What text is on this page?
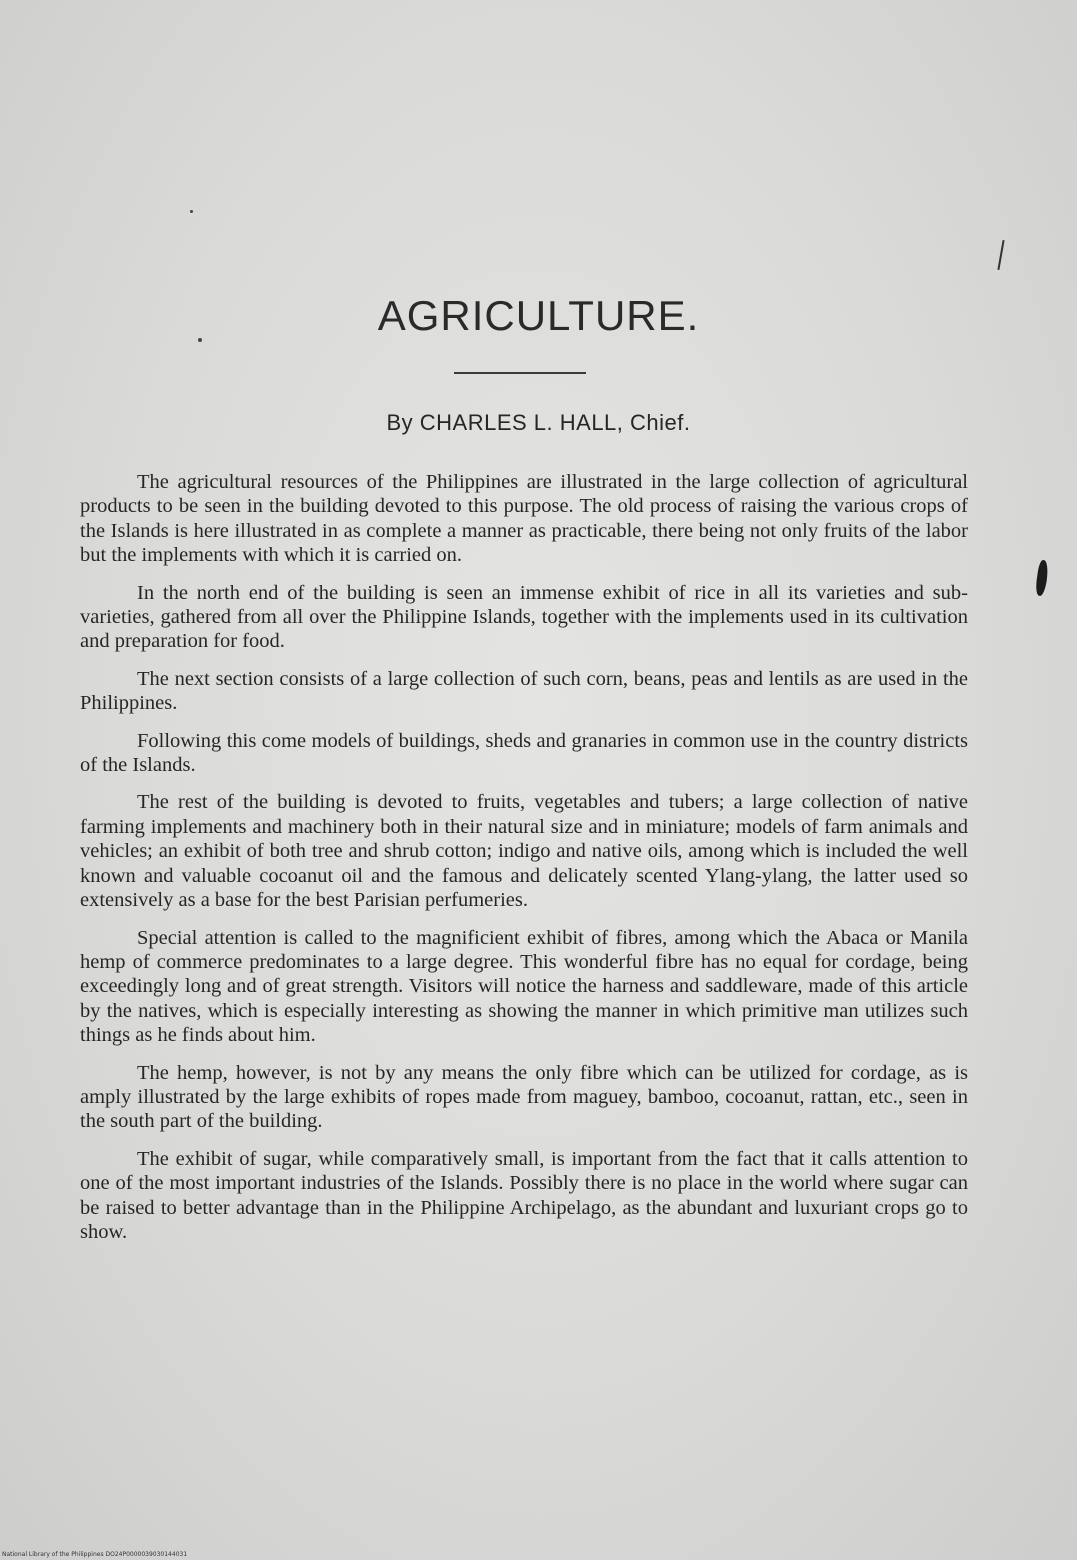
AGRICULTURE.
By CHARLES L. HALL, Chief.

The agricultural resources of the Philippines are illustrated in the large collection of agricultural products to be seen in the building devoted to this purpose. The old process of raising the various crops of the Islands is here illustrated in as complete a manner as practicable, there being not only fruits of the labor but the implements with which it is carried on.

In the north end of the building is seen an immense exhibit of rice in all its varieties and sub-varieties, gathered from all over the Philippine Islands, together with the implements used in its cultivation and preparation for food.

The next section consists of a large collection of such corn, beans, peas and lentils as are used in the Philippines.

Following this come models of buildings, sheds and granaries in common use in the country districts of the Islands.

The rest of the building is devoted to fruits, vegetables and tubers; a large collection of native farming implements and machinery both in their natural size and in miniature; models of farm animals and vehicles; an exhibit of both tree and shrub cotton; indigo and native oils, among which is included the well known and valuable cocoanut oil and the famous and delicately scented Ylang-ylang, the latter used so extensively as a base for the best Parisian perfumeries.

Special attention is called to the magnificient exhibit of fibres, among which the Abaca or Manila hemp of commerce predominates to a large degree. This wonderful fibre has no equal for cordage, being exceedingly long and of great strength. Visitors will notice the harness and saddleware, made of this article by the natives, which is especially interesting as showing the manner in which primitive man utilizes such things as he finds about him.

The hemp, however, is not by any means the only fibre which can be utilized for cordage, as is amply illustrated by the large exhibits of ropes made from maguey, bamboo, cocoanut, rattan, etc., seen in the south part of the building.

The exhibit of sugar, while comparatively small, is important from the fact that it calls attention to one of the most important industries of the Islands. Possibly there is no place in the world where sugar can be raised to better advantage than in the Philippine Archipelago, as the abundant and luxuriant crops go to show.

National Library of the Philippines DO24P0000039030144031
